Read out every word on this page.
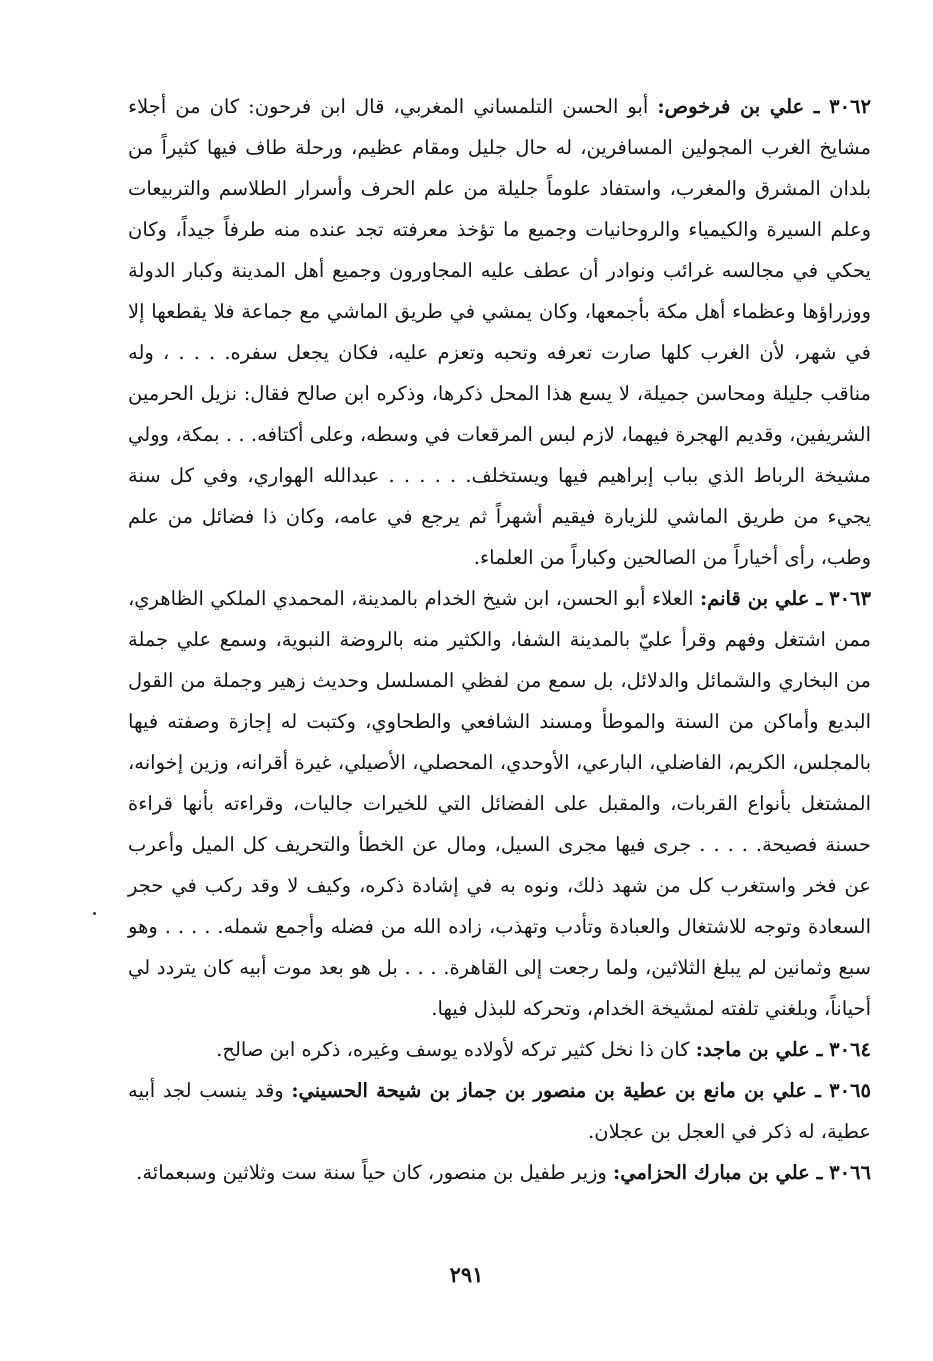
٣٠٦٢ ـ علي بن فرخوص: أبو الحسن التلمساني المغربي، قال ابن فرحون: كان من أجلاء مشايخ الغرب المجولين المسافرين، له حال جليل ومقام عظيم، ورحلة طاف فيها كثيراً من بلدان المشرق والمغرب، واستفاد علوماً جليلة من علم الحرف وأسرار الطلاسم والتربيعات وعلم السيرة والكيمياء والروحانيات وجميع ما تؤخذ معرفته تجد عنده منه طرفاً جيداً، وكان يحكي في مجالسه غرائب ونوادر أن عطف عليه المجاورون وجميع أهل المدينة وكبار الدولة ووزراؤها وعظماء أهل مكة بأجمعها، وكان يمشي في طريق الماشي مع جماعة فلا يقطعها إلا في شهر، لأن الغرب كلها صارت تعرفه وتحبه وتعزم عليه، فكان يجعل سفره. . . . ، وله مناقب جليلة ومحاسن جميلة، لا يسع هذا المحل ذكرها، وذكره ابن صالح فقال: نزيل الحرمين الشريفين، وقديم الهجرة فيهما، لازم لبس المرقعات في وسطه، وعلى أكتافه. . . بمكة، وولي مشيخة الرباط الذي بباب إبراهيم فيها ويستخلف. . . . . . عبدالله الهواري، وفي كل سنة يجيء من طريق الماشي للزيارة فيقيم أشهراً ثم يرجع في عامه، وكان ذا فضائل من علم وطب، رأى أخياراً من الصالحين وكباراً من العلماء.

٣٠٦٣ ـ علي بن قانم: العلاء أبو الحسن، ابن شيخ الخدام بالمدينة، المحمدي الملكي الظاهري، ممن اشتغل وفهم وقرأ عليّ بالمدينة الشفا، والكثير منه بالروضة النبوية، وسمع علي جملة من البخاري والشمائل والدلائل، بل سمع من لفظي المسلسل وحديث زهير وجملة من القول البديع وأماكن من السنة والموطأ ومسند الشافعي والطحاوي، وكتبت له إجازة وصفته فيها بالمجلس، الكريم، الفاضلي، البارعي، الأوحدي، المحصلي، الأصيلي، غيرة أقرانه، وزين إخوانه، المشتغل بأنواع القربات، والمقبل على الفضائل التي للخيرات جاليات، وقراءته بأنها قراءة حسنة فصيحة. . . . . جرى فيها مجرى السيل، ومال عن الخطأ والتحريف كل الميل وأعرب عن فخر واستغرب كل من شهد ذلك، ونوه به في إشادة ذكره، وكيف لا وقد ركب في حجر السعادة وتوجه للاشتغال والعبادة وتأدب وتهذب، زاده الله من فضله وأجمع شمله. . . . . وهو سبع وثمانين لم يبلغ الثلاثين، ولما رجعت إلى القاهرة. . . . بل هو بعد موت أبيه كان يتردد لي أحياناً، وبلغني تلفته لمشيخة الخدام، وتحركه للبذل فيها.

٣٠٦٤ ـ علي بن ماجد: كان ذا نخل كثير تركه لأولاده يوسف وغيره، ذكره ابن صالح.

٣٠٦٥ ـ علي بن مانع بن عطية بن منصور بن جماز بن شيحة الحسيني: وقد ينسب لجد أبيه عطية، له ذكر في العجل بن عجلان.

٣٠٦٦ ـ علي بن مبارك الحزامي: وزير طفيل بن منصور، كان حياً سنة ست وثلاثين وسبعمائة.

٢٩١
